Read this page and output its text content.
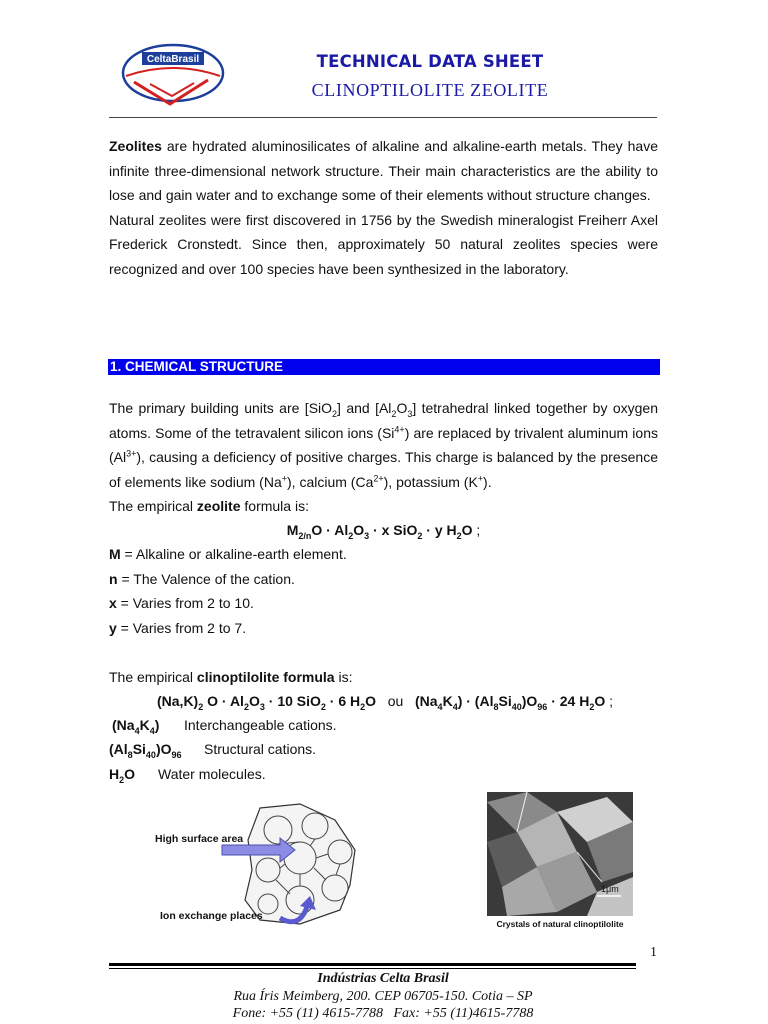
CeltaBrasil	TECHNICAL DATA SHEET
CLINOPTILOLITE ZEOLITE

Zeolites are hydrated aluminosilicates of alkaline and alkaline-earth metals. They have infinite three-dimensional network structure. Their main characteristics are the ability to lose and gain water and to exchange some of their elements without structure changes.

Natural zeolites were first discovered in 1756 by the Swedish mineralogist Freiherr Axel Frederick Cronstedt. Since then, approximately 50 natural zeolites species were recognized and over 100 species have been synthesized in the laboratory.

1. CHEMICAL STRUCTURE

The primary building units are [SiO$_2$] and $[Al_2O_3]$ tetrahedral linked together by oxygen atoms. Some of the tetravalent silicon ions $(Si^{4+})$ are replaced by trivalent aluminum ions $(Al^{3+})$, causing a deficiency of positive charges. This charge is balanced by the presence of elements like sodium (Na+), calcium $(Ca^{2+})$, potassium (K+).

The empirical zeolite formula is:
$M_{2/n}O \cdot Al_2O_3 \cdot x$ SiO$_2$ · y $H_2O$ ;
M = Alkaline or alkaline-earth element.
n = The Valence of the cation.
x = Varies from 2 to 10.
y = Varies from 2 to 7.
The empirical clinoptilolite formula is:
$(Na,K)_2$ $O \cdot Al_2O_3 \cdot 10$ SiO$_2$ · 6 $H_2O$ ou $(Na_4K_4) \cdot (Al_8Si_{40})O_{96} \cdot 24$ $H_2O$ ;
$(Na_4K_4)$ Interchangeable cations.
$(Al_8Si_{40})O_{96}$ Structural cations.
$H_2O$ Water molecules.
High surface area
Ion exchange places
1μm
Crystals of natural clinoptilolite
1
Indústrias Celta Brasil
Rua Íris Meimberg, 200. CEP 06705-150. Cotia – SP
Fone: +55 (11) 4615-7788   Fax: +55 (11)4615-7788
